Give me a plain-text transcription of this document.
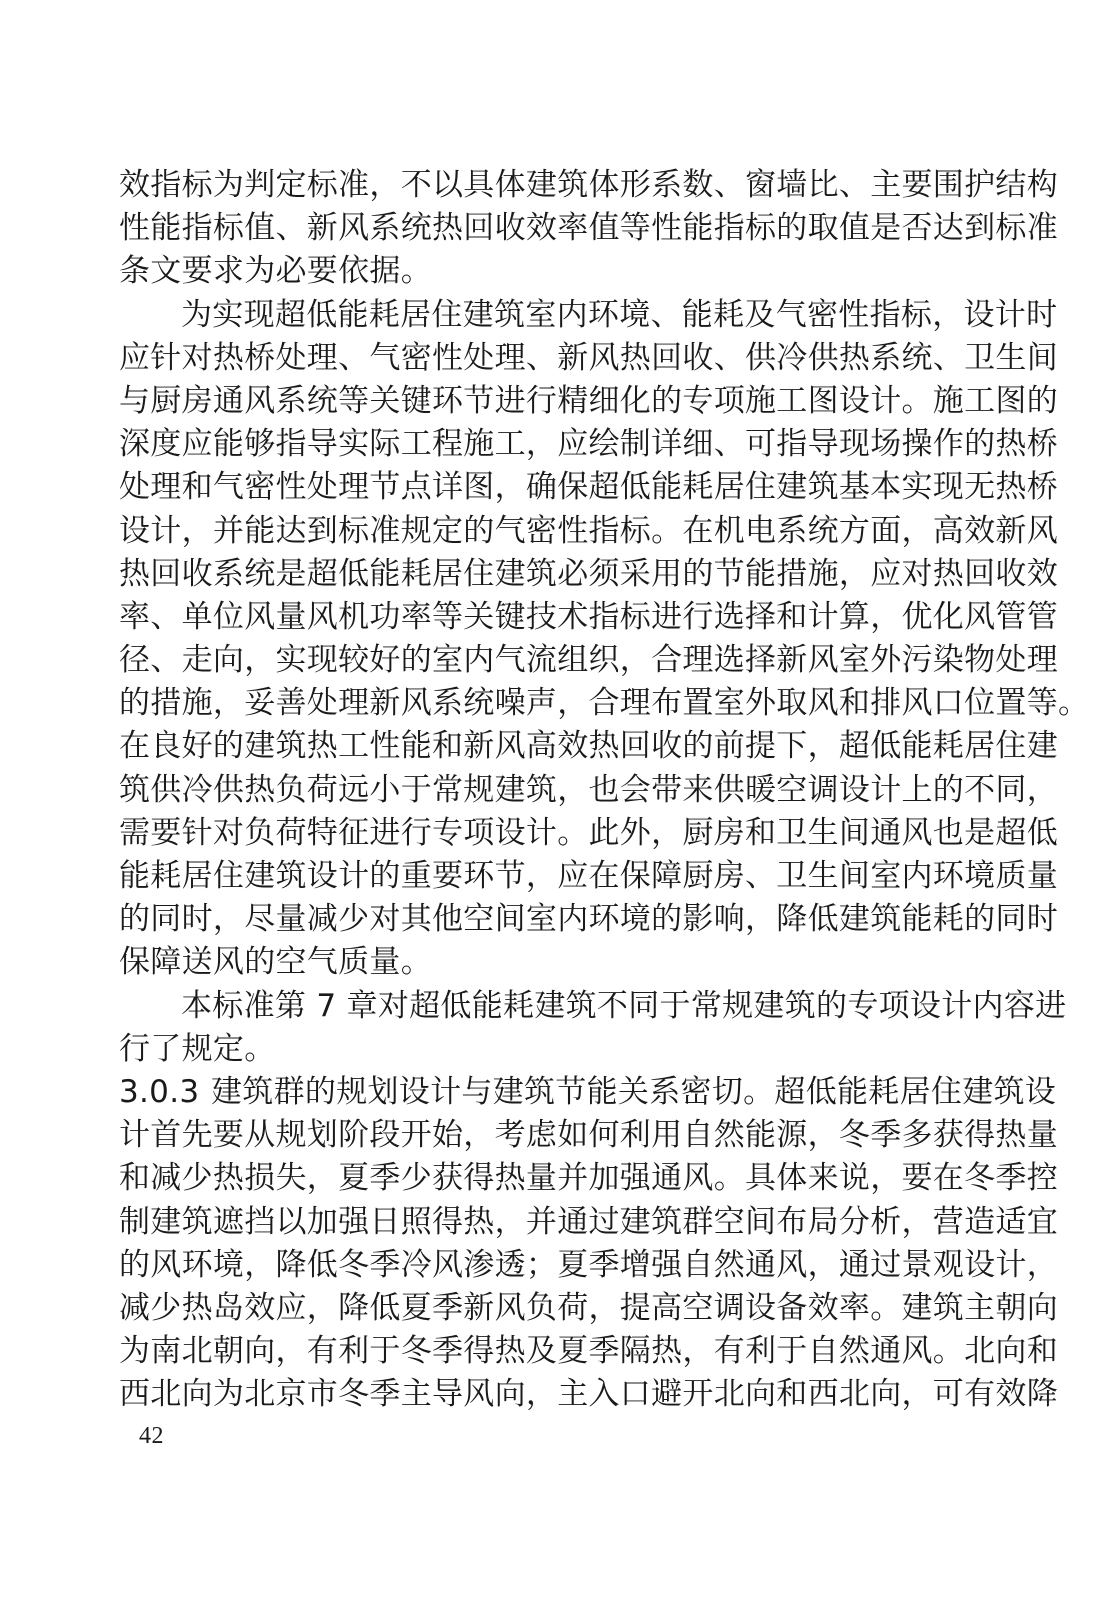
效指标为判定标准，不以具体建筑体形系数、窗墙比、主要围护结构
性能指标值、新风系统热回收效率值等性能指标的取值是否达到标准
条文要求为必要依据。
为实现超低能耗居住建筑室内环境、能耗及气密性指标，设计时
应针对热桥处理、气密性处理、新风热回收、供冷供热系统、卫生间
与厨房通风系统等关键环节进行精细化的专项施工图设计。施工图的
深度应能够指导实际工程施工，应绘制详细、可指导现场操作的热桥
处理和气密性处理节点详图，确保超低能耗居住建筑基本实现无热桥
设计，并能达到标准规定的气密性指标。在机电系统方面，高效新风
热回收系统是超低能耗居住建筑必须采用的节能措施，应对热回收效
率、单位风量风机功率等关键技术指标进行选择和计算，优化风管管
径、走向，实现较好的室内气流组织，合理选择新风室外污染物处理
的措施，妥善处理新风系统噪声，合理布置室外取风和排风口位置等。
在良好的建筑热工性能和新风高效热回收的前提下，超低能耗居住建
筑供冷供热负荷远小于常规建筑，也会带来供暖空调设计上的不同，
需要针对负荷特征进行专项设计。此外，厨房和卫生间通风也是超低
能耗居住建筑设计的重要环节，应在保障厨房、卫生间室内环境质量
的同时，尽量减少对其他空间室内环境的影响，降低建筑能耗的同时
保障送风的空气质量。
本标准第 7 章对超低能耗建筑不同于常规建筑的专项设计内容进
行了规定。
3.0.3 建筑群的规划设计与建筑节能关系密切。超低能耗居住建筑设
计首先要从规划阶段开始，考虑如何利用自然能源，冬季多获得热量
和减少热损失，夏季少获得热量并加强通风。具体来说，要在冬季控
制建筑遮挡以加强日照得热，并通过建筑群空间布局分析，营造适宜
的风环境，降低冬季冷风渗透；夏季增强自然通风，通过景观设计，
减少热岛效应，降低夏季新风负荷，提高空调设备效率。建筑主朝向
为南北朝向，有利于冬季得热及夏季隔热，有利于自然通风。北向和
西北向为北京市冬季主导风向，主入口避开北向和西北向，可有效降
42
